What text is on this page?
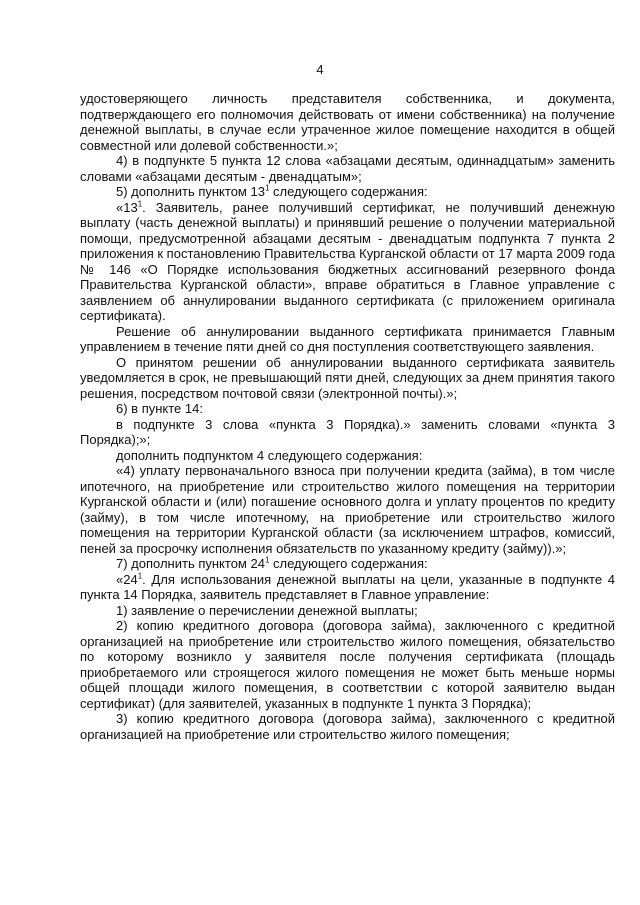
4

удостоверяющего личность представителя собственника, и документа, подтверждающего его полномочия действовать от имени собственника) на получение денежной выплаты, в случае если утраченное жилое помещение находится в общей совместной или долевой собственности.»;

4) в подпункте 5 пункта 12 слова «абзацами десятым, одиннадцатым» заменить словами «абзацами десятым - двенадцатым»;

5) дополнить пунктом $13^1$ следующего содержания:

«$13^1$. Заявитель, ранее получивший сертификат, не получивший денежную выплату (часть денежной выплаты) и принявший решение о получении материальной помощи, предусмотренной абзацами десятым - двенадцатым подпункта 7 пункта 2 приложения к постановлению Правительства Курганской области от 17 марта 2009 года № 146 «О Порядке использования бюджетных ассигнований резервного фонда Правительства Курганской области», вправе обратиться в Главное управление с заявлением об аннулировании выданного сертификата (с приложением оригинала сертификата).

Решение об аннулировании выданного сертификата принимается Главным управлением в течение пяти дней со дня поступления соответствующего заявления.

О принятом решении об аннулировании выданного сертификата заявитель уведомляется в срок, не превышающий пяти дней, следующих за днем принятия такого решения, посредством почтовой связи (электронной почты).»;

6) в пункте 14:

в подпункте 3 слова «пункта 3 Порядка).» заменить словами «пункта 3 Порядка);»;

дополнить подпунктом 4 следующего содержания:

«4) уплату первоначального взноса при получении кредита (займа), в том числе ипотечного, на приобретение или строительство жилого помещения на территории Курганской области и (или) погашение основного долга и уплату процентов по кредиту (займу), в том числе ипотечному, на приобретение или строительство жилого помещения на территории Курганской области (за исключением штрафов, комиссий, пеней за просрочку исполнения обязательств по указанному кредиту (займу)).»;

7) дополнить пунктом $24^1$ следующего содержания:

«$24^1$. Для использования денежной выплаты на цели, указанные в подпункте 4 пункта 14 Порядка, заявитель представляет в Главное управление:

1) заявление о перечислении денежной выплаты;

2) копию кредитного договора (договора займа), заключенного с кредитной организацией на приобретение или строительство жилого помещения, обязательство по которому возникло у заявителя после получения сертификата (площадь приобретаемого или строящегося жилого помещения не может быть меньше нормы общей площади жилого помещения, в соответствии с которой заявителю выдан сертификат) (для заявителей, указанных в подпункте 1 пункта 3 Порядка);

3) копию кредитного договора (договора займа), заключенного с кредитной организацией на приобретение или строительство жилого помещения;
